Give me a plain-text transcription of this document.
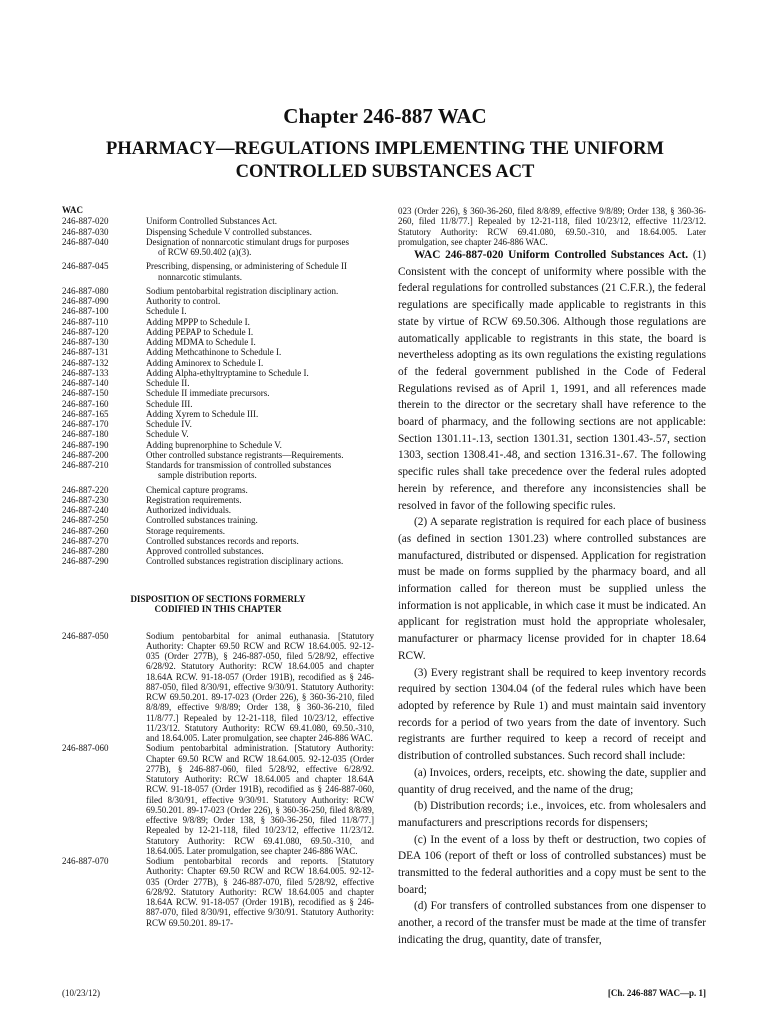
Chapter 246-887 WAC
PHARMACY—REGULATIONS IMPLEMENTING THE UNIFORM CONTROLLED SUBSTANCES ACT
WAC
246-887-020	Uniform Controlled Substances Act.
246-887-030	Dispensing Schedule V controlled substances.
246-887-040	Designation of nonnarcotic stimulant drugs for purposes
of RCW 69.50.402 (a)(3).
246-887-045	Prescribing, dispensing, or administering of Schedule II
nonnarcotic stimulants.
246-887-080	Sodium pentobarbital registration disciplinary action.
246-887-090	Authority to control.
246-887-100	Schedule I.
246-887-110	Adding MPPP to Schedule I.
246-887-120	Adding PEPAP to Schedule I.
246-887-130	Adding MDMA to Schedule I.
246-887-131	Adding Methcathinone to Schedule I.
246-887-132	Adding Aminorex to Schedule I.
246-887-133	Adding Alpha-ethyltryptamine to Schedule I.
246-887-140	Schedule II.
246-887-150	Schedule II immediate precursors.
246-887-160	Schedule III.
246-887-165	Adding Xyrem to Schedule III.
246-887-170	Schedule IV.
246-887-180	Schedule V.
246-887-190	Adding buprenorphine to Schedule V.
246-887-200	Other controlled substance registrants—Requirements.
246-887-210	Standards for transmission of controlled substances
sample distribution reports.
246-887-220	Chemical capture programs.
246-887-230	Registration requirements.
246-887-240	Authorized individuals.
246-887-250	Controlled substances training.
246-887-260	Storage requirements.
246-887-270	Controlled substances records and reports.
246-887-280	Approved controlled substances.
246-887-290	Controlled substances registration disciplinary actions.
DISPOSITION OF SECTIONS FORMERLY
CODIFIED IN THIS CHAPTER
246-887-050	Sodium pentobarbital for animal euthanasia. [Statutory Authority: Chapter 69.50 RCW and RCW 18.64.005. 92-12-035 (Order 277B), § 246-887-050, filed 5/28/92, effective 6/28/92. Statutory Authority: RCW 18.64.005 and chapter 18.64A RCW. 91-18-057 (Order 191B), recodified as § 246-887-050, filed 8/30/91, effective 9/30/91. Statutory Authority: RCW 69.50.201. 89-17-023 (Order 226), § 360-36-210, filed 8/8/89, effective 9/8/89; Order 138, § 360-36-210, filed 11/8/77.] Repealed by 12-21-118, filed 10/23/12, effective 11/23/12. Statutory Authority: RCW 69.41.080, 69.50.-310, and 18.64.005. Later promulgation, see chapter 246-886 WAC.
246-887-060	Sodium pentobarbital administration. [Statutory Authority: Chapter 69.50 RCW and RCW 18.64.005. 92-12-035 (Order 277B), § 246-887-060, filed 5/28/92, effective 6/28/92. Statutory Authority: RCW 18.64.005 and chapter 18.64A RCW. 91-18-057 (Order 191B), recodified as § 246-887-060, filed 8/30/91, effective 9/30/91. Statutory Authority: RCW 69.50.201. 89-17-023 (Order 226), § 360-36-250, filed 8/8/89, effective 9/8/89; Order 138, § 360-36-250, filed 11/8/77.] Repealed by 12-21-118, filed 10/23/12, effective 11/23/12. Statutory Authority: RCW 69.41.080, 69.50.-310, and 18.64.005. Later promulgation, see chapter 246-886 WAC.
246-887-070	Sodium pentobarbital records and reports. [Statutory Authority: Chapter 69.50 RCW and RCW 18.64.005. 92-12-035 (Order 277B), § 246-887-070, filed 5/28/92, effective 6/28/92. Statutory Authority: RCW 18.64.005 and chapter 18.64A RCW. 91-18-057 (Order 191B), recodified as § 246-887-070, filed 8/30/91, effective 9/30/91. Statutory Authority: RCW 69.50.201. 89-17-
023 (Order 226), § 360-36-260, filed 8/8/89, effective 9/8/89; Order 138, § 360-36-260, filed 11/8/77.] Repealed by 12-21-118, filed 10/23/12, effective 11/23/12. Statutory Authority: RCW 69.41.080, 69.50.-310, and 18.64.005. Later promulgation, see chapter 246-886 WAC.

WAC 246-887-020 Uniform Controlled Substances Act. (1) Consistent with the concept of uniformity where possible with the federal regulations for controlled substances (21 C.F.R.), the federal regulations are specifically made applicable to registrants in this state by virtue of RCW 69.50.306. Although those regulations are automatically applicable to registrants in this state, the board is nevertheless adopting as its own regulations the existing regulations of the federal government published in the Code of Federal Regulations revised as of April 1, 1991, and all references made therein to the director or the secretary shall have reference to the board of pharmacy, and the following sections are not applicable: Section 1301.11-.13, section 1301.31, section 1301.43-.57, section 1303, section 1308.41-.48, and section 1316.31-.67. The following specific rules shall take precedence over the federal rules adopted herein by reference, and therefore any inconsistencies shall be resolved in favor of the following specific rules.

(2) A separate registration is required for each place of business (as defined in section 1301.23) where controlled substances are manufactured, distributed or dispensed. Application for registration must be made on forms supplied by the pharmacy board, and all information called for thereon must be supplied unless the information is not applicable, in which case it must be indicated. An applicant for registration must hold the appropriate wholesaler, manufacturer or pharmacy license provided for in chapter 18.64 RCW.

(3) Every registrant shall be required to keep inventory records required by section 1304.04 (of the federal rules which have been adopted by reference by Rule 1) and must maintain said inventory records for a period of two years from the date of inventory. Such registrants are further required to keep a record of receipt and distribution of controlled substances. Such record shall include:

(a) Invoices, orders, receipts, etc. showing the date, supplier and quantity of drug received, and the name of the drug;

(b) Distribution records; i.e., invoices, etc. from wholesalers and manufacturers and prescriptions records for dispensers;

(c) In the event of a loss by theft or destruction, two copies of DEA 106 (report of theft or loss of controlled substances) must be transmitted to the federal authorities and a copy must be sent to the board;

(d) For transfers of controlled substances from one dispenser to another, a record of the transfer must be made at the time of transfer indicating the drug, quantity, date of transfer,

(10/23/12)	[Ch. 246-887 WAC—p. 1]
